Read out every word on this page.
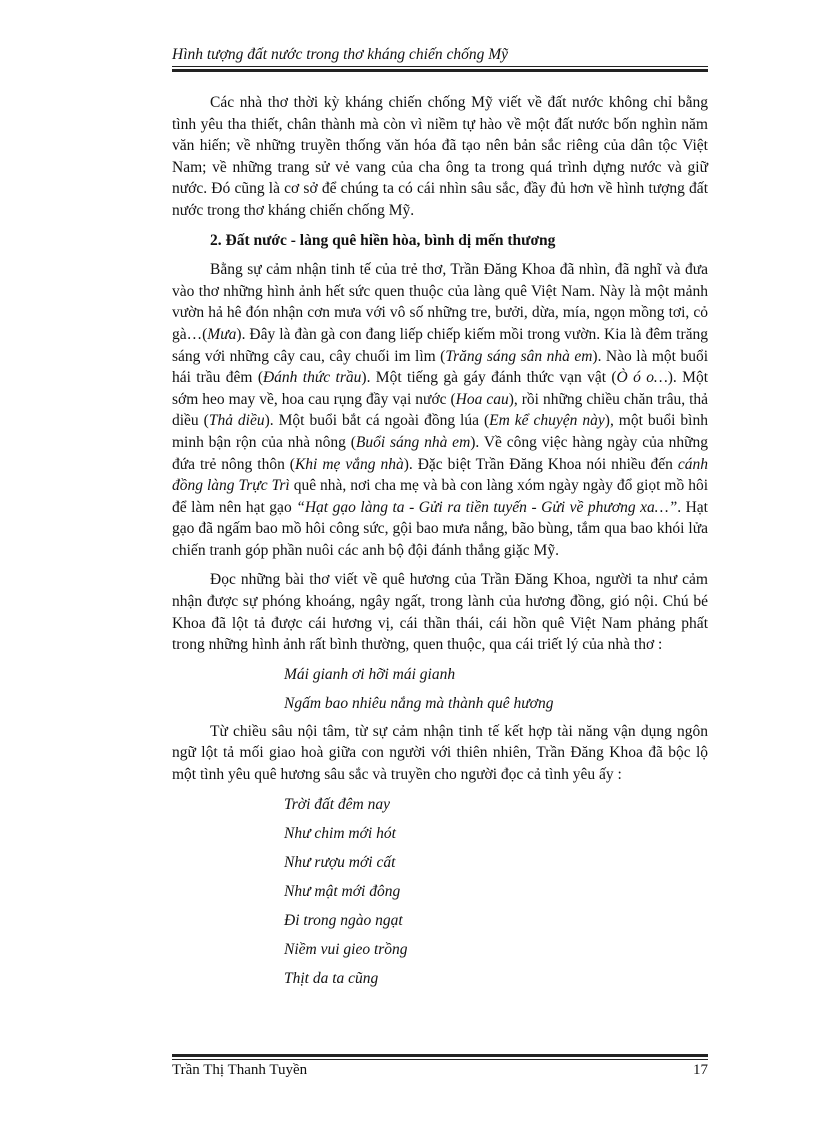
Hình tượng đất nước trong thơ kháng chiến chống Mỹ

Các nhà thơ thời kỳ kháng chiến chống Mỹ viết về đất nước không chỉ bằng tình yêu tha thiết, chân thành mà còn vì niềm tự hào về một đất nước bốn nghìn năm văn hiến; về những truyền thống văn hóa đã tạo nên bản sắc riêng của dân tộc Việt Nam; về những trang sử vẻ vang của cha ông ta trong quá trình dựng nước và giữ nước. Đó cũng là cơ sở để chúng ta có cái nhìn sâu sắc, đầy đủ hơn về hình tượng đất nước trong thơ kháng chiến chống Mỹ.

2. Đất nước - làng quê hiền hòa, bình dị mến thương

Bằng sự cảm nhận tinh tế của trẻ thơ, Trần Đăng Khoa đã nhìn, đã nghĩ và đưa vào thơ những hình ảnh hết sức quen thuộc của làng quê Việt Nam. Này là một mảnh vườn hả hê đón nhận cơn mưa với vô số những tre, bưởi, dừa, mía, ngọn mồng tơi, cỏ gà…(Mưa). Đây là đàn gà con đang liếp chiếp kiếm mồi trong vườn. Kia là đêm trăng sáng với những cây cau, cây chuối im lìm (Trăng sáng sân nhà em). Nào là một buổi hái trầu đêm (Đánh thức trầu). Một tiếng gà gáy đánh thức vạn vật (Ò ó o…). Một sớm heo may về, hoa cau rụng đầy vại nước (Hoa cau), rồi những chiều chăn trâu, thả diều (Thả diều). Một buổi bắt cá ngoài đồng lúa (Em kể chuyện này), một buổi bình minh bận rộn của nhà nông (Buổi sáng nhà em). Về công việc hàng ngày của những đứa trẻ nông thôn (Khi mẹ vắng nhà). Đặc biệt Trần Đăng Khoa nói nhiều đến cánh đồng làng Trực Trì quê nhà, nơi cha mẹ và bà con làng xóm ngày ngày đổ giọt mồ hôi để làm nên hạt gạo “Hạt gạo làng ta - Gửi ra tiền tuyến - Gửi về phương xa…”. Hạt gạo đã ngấm bao mồ hôi công sức, gội bao mưa nắng, bão bùng, tắm qua bao khói lửa chiến tranh góp phần nuôi các anh bộ đội đánh thắng giặc Mỹ.

Đọc những bài thơ viết về quê hương của Trần Đăng Khoa, người ta như cảm nhận được sự phóng khoáng, ngây ngất, trong lành của hương đồng, gió nội. Chú bé Khoa đã lột tả được cái hương vị, cái thần thái, cái hồn quê Việt Nam phảng phất trong những hình ảnh rất bình thường, quen thuộc, qua cái triết lý của nhà thơ :

Mái gianh ơi hỡi mái gianh
Ngấm bao nhiêu nắng mà thành quê hương

Từ chiều sâu nội tâm, từ sự cảm nhận tinh tế kết hợp tài năng vận dụng ngôn ngữ lột tả mối giao hoà giữa con người với thiên nhiên, Trần Đăng Khoa đã bộc lộ một tình yêu quê hương sâu sắc và truyền cho người đọc cả tình yêu ấy :

Trời đất đêm nay
Như chim mới hót
Như rượu mới cất
Như mật mới đông
Đi trong ngào ngạt
Niềm vui gieo trồng
Thịt da ta cũng
Trần Thị Thanh Tuyền	17
